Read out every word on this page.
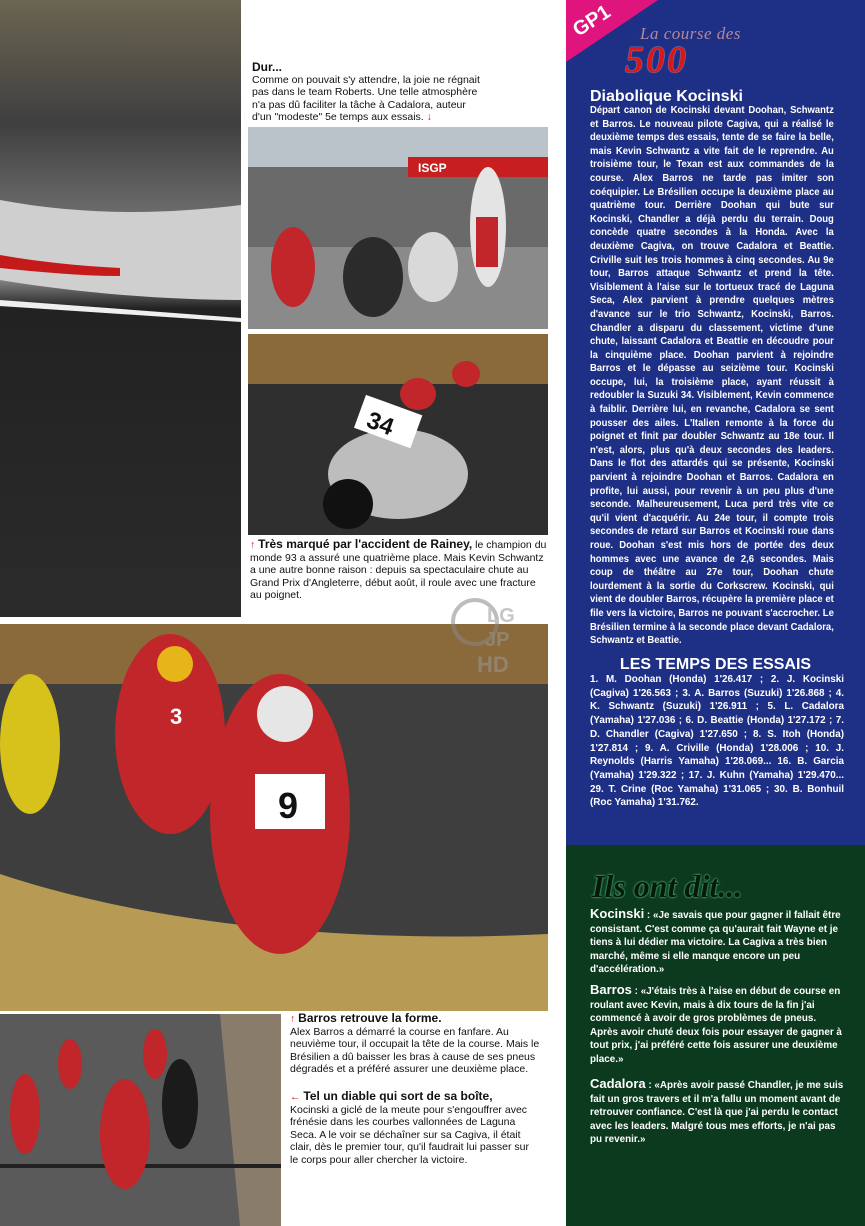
ISGP
34
9
3
Dur...
Comme on pouvait s'y attendre, la joie ne régnait pas dans le team Roberts. Une telle atmosphère n'a pas dû faciliter la tâche à Cadalora, auteur d'un "modeste" 5e temps aux essais. ↓
↑ Très marqué par l'accident de Rainey, le champion du monde 93 a assuré une quatrième place. Mais Kevin Schwantz a une autre bonne raison : depuis sa spectaculaire chute au Grand Prix d'Angleterre, début août, il roule avec une fracture au poignet.
↑ Barros retrouve la forme.
Alex Barros a démarré la course en fanfare. Au neuvième tour, il occupait la tête de la course. Mais le Brésilien a dû baisser les bras à cause de ses pneus dégradés et a préféré assurer une deuxième place.
← Tel un diable qui sort de sa boîte,
Kocinski a giclé de la meute pour s'engouffrer avec frénésie dans les courbes vallonnées de Laguna Seca. A le voir se déchaîner sur sa Cagiva, il était clair, dès le premier tour, qu'il faudrait lui passer sur le corps pour aller chercher la victoire.
LG
JP
HD
GP1 La course des
500
Diabolique Kocinski
Départ canon de Kocinski devant Doohan, Schwantz et Barros. Le nouveau pilote Cagiva, qui a réalisé le deuxième temps des essais, tente de se faire la belle, mais Kevin Schwantz a vite fait de le reprendre. Au troisième tour, le Texan est aux commandes de la course. Alex Barros ne tarde pas imiter son coéquipier. Le Brésilien occupe la deuxième place au quatrième tour. Derrière Doohan qui bute sur Kocinski, Chandler a déjà perdu du terrain. Doug concède quatre secondes à la Honda. Avec la deuxième Cagiva, on trouve Cadalora et Beattie. Criville suit les trois hommes à cinq secondes. Au 9e tour, Barros attaque Schwantz et prend la tête. Visiblement à l'aise sur le tortueux tracé de Laguna Seca, Alex parvient à prendre quelques mètres d'avance sur le trio Schwantz, Kocinski, Barros. Chandler a disparu du classement, victime d'une chute, laissant Cadalora et Beattie en découdre pour la cinquième place. Doohan parvient à rejoindre Barros et le dépasse au seizième tour. Kocinski occupe, lui, la troisième place, ayant réussit à redoubler la Suzuki 34. Visiblement, Kevin commence à faiblir. Derrière lui, en revanche, Cadalora se sent pousser des ailes. L'Italien remonte à la force du poignet et finit par doubler Schwantz au 18e tour. Il n'est, alors, plus qu'à deux secondes des leaders. Dans le flot des attardés qui se présente, Kocinski parvient à rejoindre Doohan et Barros. Cadalora en profite, lui aussi, pour revenir à un peu plus d'une seconde. Malheureusement, Luca perd très vite ce qu'il vient d'acquérir. Au 24e tour, il compte trois secondes de retard sur Barros et Kocinski roue dans roue. Doohan s'est mis hors de portée des deux hommes avec une avance de 2,6 secondes. Mais coup de théâtre au 27e tour, Doohan chute lourdement à la sortie du Corkscrew. Kocinski, qui vient de doubler Barros, récupère la première place et file vers la victoire, Barros ne pouvant s'accrocher. Le Brésilien termine à la seconde place devant Cadalora, Schwantz et Beattie.
LES TEMPS DES ESSAIS
1. M. Doohan (Honda) 1'26.417 ; 2. J. Kocinski (Cagiva) 1'26.563 ; 3. A. Barros (Suzuki) 1'26.868 ; 4. K. Schwantz (Suzuki) 1'26.911 ; 5. L. Cadalora (Yamaha) 1'27.036 ; 6. D. Beattie (Honda) 1'27.172 ; 7. D. Chandler (Cagiva) 1'27.650 ; 8. S. Itoh (Honda) 1'27.814 ; 9. A. Criville (Honda) 1'28.006 ; 10. J. Reynolds (Harris Yamaha) 1'28.069... 16. B. Garcia (Yamaha) 1'29.322 ; 17. J. Kuhn (Yamaha) 1'29.470... 29. T. Crine (Roc Yamaha) 1'31.065 ; 30. B. Bonhuil (Roc Yamaha) 1'31.762.
Ils ont dit...
Kocinski : «Je savais que pour gagner il fallait être consistant. C'est comme ça qu'aurait fait Wayne et je tiens à lui dédier ma victoire. La Cagiva a très bien marché, même si elle manque encore un peu d'accélération.»
Barros : «J'étais très à l'aise en début de course en roulant avec Kevin, mais à dix tours de la fin j'ai commencé à avoir de gros problèmes de pneus. Après avoir chuté deux fois pour essayer de gagner à tout prix, j'ai préféré cette fois assurer une deuxième place.»
Cadalora : «Après avoir passé Chandler, je me suis fait un gros travers et il m'a fallu un moment avant de retrouver confiance. C'est là que j'ai perdu le contact avec les leaders. Malgré tous mes efforts, je n'ai pas pu revenir.»
